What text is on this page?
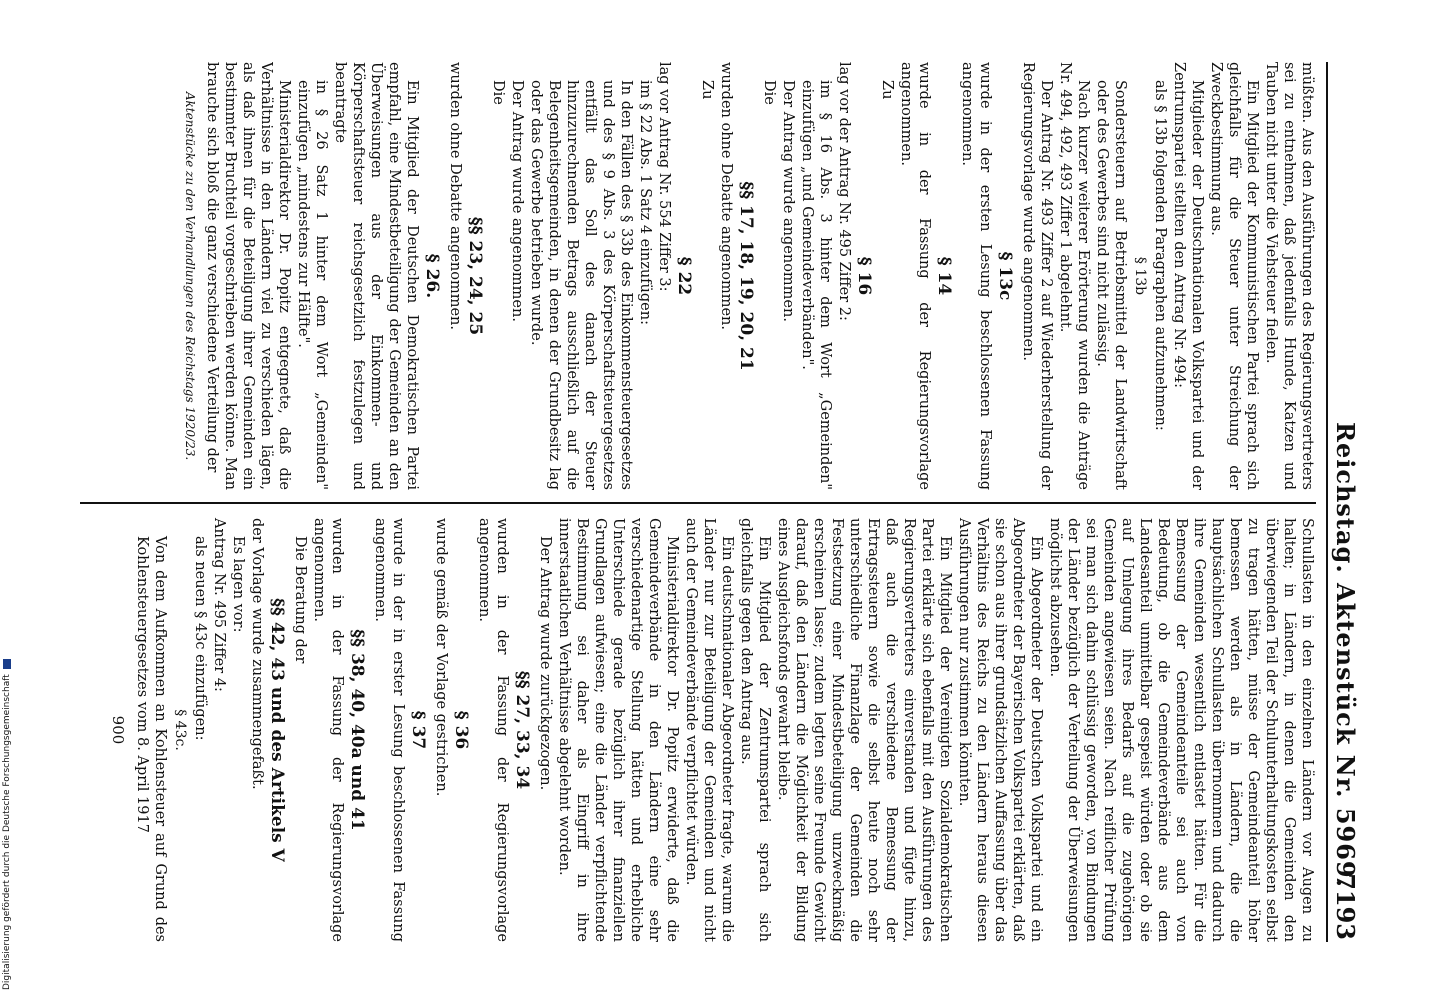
Reichstag. Aktenstück Nr. 5969.
7193

müßten. Aus den Ausführungen des Regierungsvertreters sei zu entnehmen, daß jedenfalls Hunde, Katzen und Tauben nicht unter die Viehsteuer fielen.

Ein Mitglied der Kommunistischen Partei sprach sich gleichfalls für die Steuer unter Streichung der Zweckbestimmung aus.

Mitglieder der Deutschnationalen Volkspartei und der Zentrumspartei stellten den Antrag Nr. 494:

als § 13b folgenden Paragraphen aufzunehmen:

§ 13b

Sondersteuern auf Betriebsmittel der Landwirtschaft oder des Gewerbes sind nicht zulässig.

Nach kurzer weiterer Erörterung wurden die Anträge Nr. 494, 492, 493 Ziffer 1 abgelehnt.

Der Antrag Nr. 493 Ziffer 2 auf Wiederherstellung der Regierungsvorlage wurde angenommen.

§ 13c

wurde in der ersten Lesung beschlossenen Fassung angenommen.

§ 14

wurde in der Fassung der Regierungsvorlage angenommen.

Zu

§ 16

lag vor der Antrag Nr. 495 Ziffer 2:

im § 16 Abs. 3 hinter dem Wort „Gemeinden" einzufügen „und Gemeindeverbänden".

Der Antrag wurde angenommen.

Die

§§ 17, 18, 19, 20, 21

wurden ohne Debatte angenommen.

Zu

§ 22

lag vor Antrag Nr. 554 Ziffer 3:

im § 22 Abs. 1 Satz 4 einzufügen:

In den Fällen des § 33b des Einkommensteuergesetzes und des § 9 Abs. 3 des Körperschaftsteuergesetzes entfällt das Soll des danach der Steuer hinzuzurechnenden Betrags ausschließlich auf die Belegenheitsgemeinden, in denen der Grundbesitz lag oder das Gewerbe betrieben wurde.

Der Antrag wurde angenommen.

Die

§§ 23, 24, 25

wurden ohne Debatte angenommen.

§ 26.

Ein Mitglied der Deutschen Demokratischen Partei empfahl, eine Mindestbeteiligung der Gemeinden an den Überweisungen aus der Einkommen- und Körperschaftsteuer reichsgesetzlich festzulegen und beantragte

in § 26 Satz 1 hinter dem Wort „Gemeinden" einzufügen „mindestens zur Hälfte".

Ministerialdirektor Dr. Popitz entgegnete, daß die Verhältnisse in den Ländern viel zu verschieden lägen, als daß ihnen für die Beteiligung ihrer Gemeinden ein bestimmter Bruchteil vorgeschrieben werden könne. Man brauche sich bloß die ganz verschiedene Verteilung der

Aktenstücke zu den Verhandlungen des Reichstags 1920/23.

Schullasten in den einzelnen Ländern vor Augen zu halten; in Ländern, in denen die Gemeinden den überwiegenden Teil der Schulunterhaltungskosten selbst zu tragen hätten, müsse der Gemeindeanteil höher bemessen werden als in Ländern, die die hauptsächlichen Schullasten übernommen und dadurch ihre Gemeinden wesentlich entlastet hätten. Für die Bemessung der Gemeindeanteile sei auch von Bedeutung, ob die Gemeindeverbände aus dem Landesanteil unmittelbar gespeist würden oder ob sie auf Umlegung ihres Bedarfs auf die zugehörigen Gemeinden angewiesen seien. Nach reiflicher Prüfung sei man sich dahin schlüssig geworden, von Bindungen der Länder bezüglich der Verteilung der Überweisungen möglichst abzusehen.

Ein Abgeordneter der Deutschen Volkspartei und ein Abgeordneter der Bayerischen Volkspartei erklärten, daß sie schon aus ihrer grundsätzlichen Auffassung über das Verhältnis des Reichs zu den Ländern heraus diesen Ausführungen nur zustimmen könnten.

Ein Mitglied der Vereinigten Sozialdemokratischen Partei erklärte sich ebenfalls mit den Ausführungen des Regierungsvertreters einverstanden und fügte hinzu, daß auch die verschiedene Bemessung der Ertragssteuern sowie die selbst heute noch sehr unterschiedliche Finanzlage der Gemeinden die Festsetzung einer Mindestbeteiligung unzweckmäßig erscheinen lasse; zudem legten seine Freunde Gewicht darauf, daß den Ländern die Möglichkeit der Bildung eines Ausgleichsfonds gewahrt bleibe.

Ein Mitglied der Zentrumspartei sprach sich gleichfalls gegen den Antrag aus.

Ein deutschnationaler Abgeordneter fragte, warum die Länder nur zur Beteiligung der Gemeinden und nicht auch der Gemeindeverbände verpflichtet würden.

Ministerialdirektor Dr. Popitz erwiderte, daß die Gemeindeverbände in den Ländern eine sehr verschiedenartige Stellung hätten und erhebliche Unterschiede gerade bezüglich ihrer finanziellen Grundlagen aufwiesen; eine die Länder verpflichtende Bestimmung sei daher als Eingriff in ihre innerstaatlichen Verhältnisse abgelehnt worden.

Der Antrag wurde zurückgezogen.

§§ 27, 33, 34

wurden in der Fassung der Regierungsvorlage angenommen.

§ 36

wurde gemäß der Vorlage gestrichen.

§ 37

wurde in der in erster Lesung beschlossenen Fassung angenommen.

§§ 38, 40, 40a und 41

wurden in der Fassung der Regierungsvorlage angenommen.

Die Beratung der

§§ 42, 43 und des Artikels V

der Vorlage wurde zusammengefaßt.

Es lagen vor:

Antrag Nr. 495 Ziffer 4:

als neuen § 43c einzufügen:

§ 43c.

Von dem Aufkommen an Kohlensteuer auf Grund des Kohlensteuergesetzes vom 8. April 1917

900
Digitalisierung gefördert durch die Deutsche Forschungsgemeinschaft
